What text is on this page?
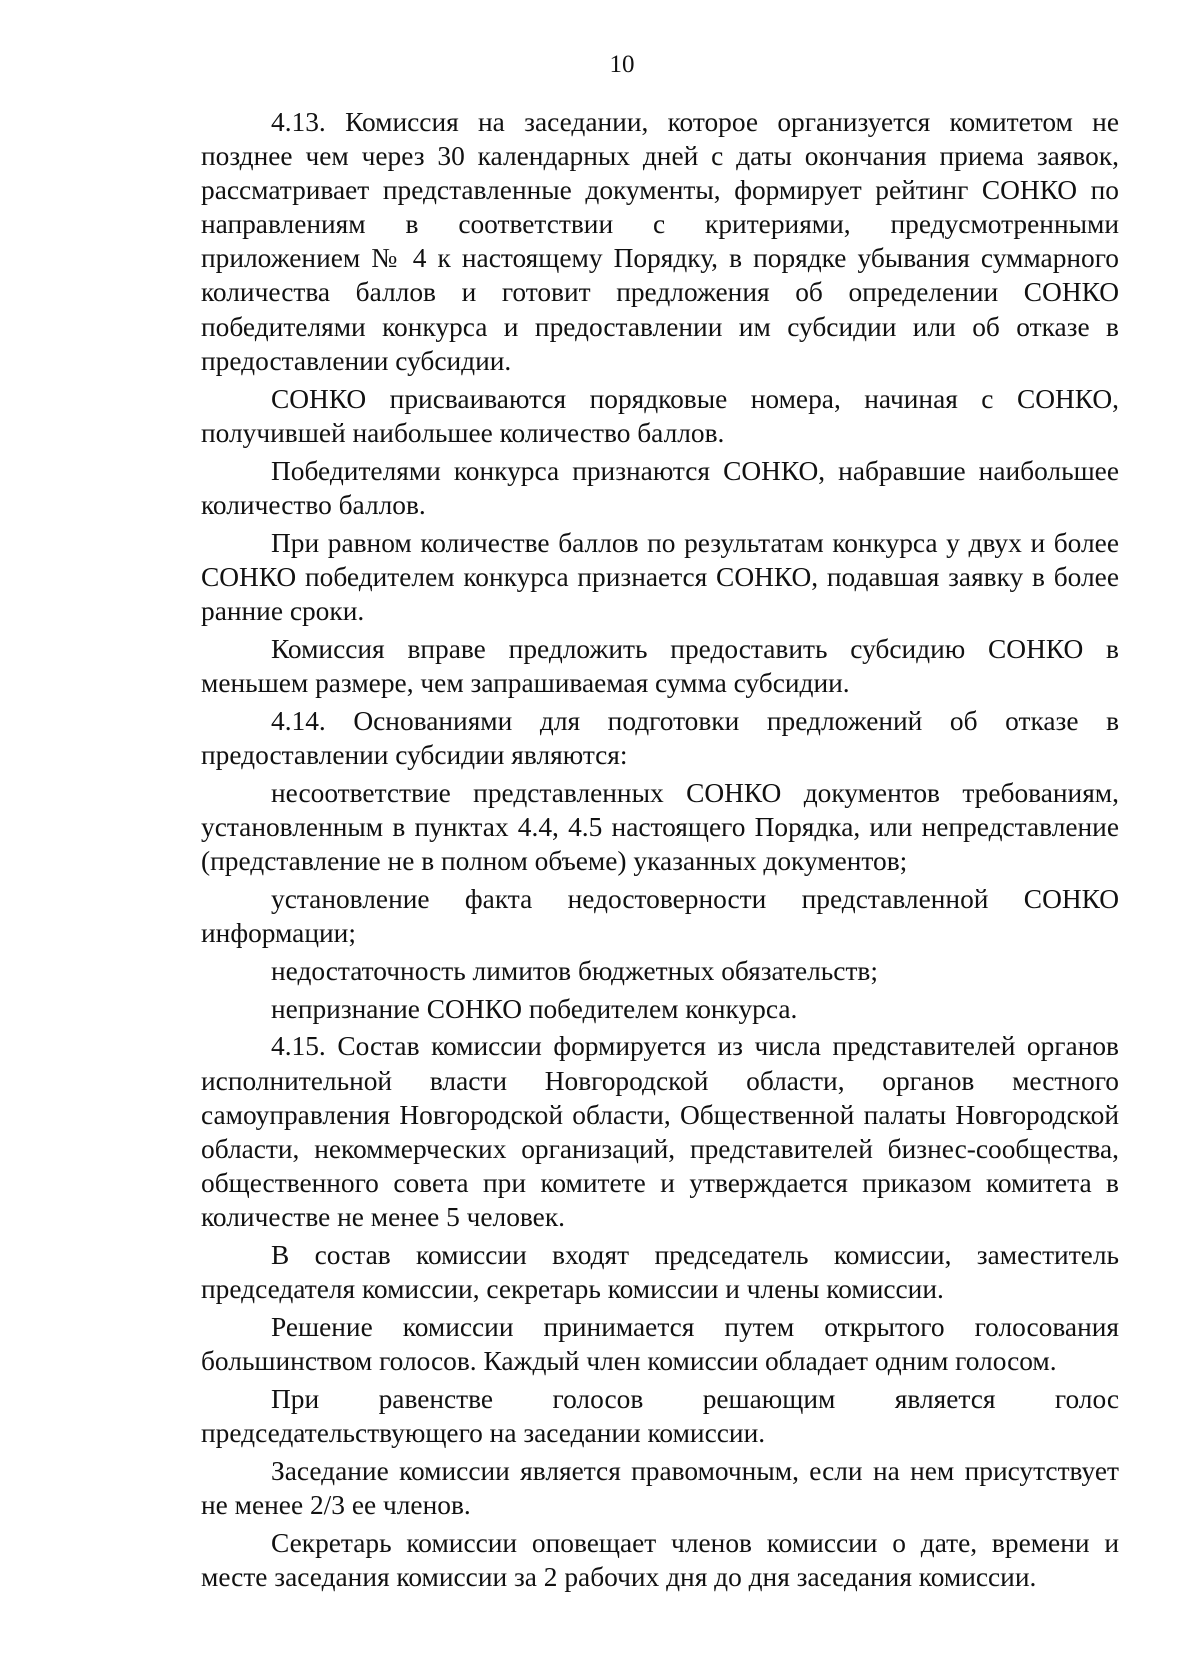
10

4.13. Комиссия на заседании, которое организуется комитетом не позднее чем через 30 календарных дней с даты окончания приема заявок, рассматривает представленные документы, формирует рейтинг СОНКО по направлениям в соответствии с критериями, предусмотренными приложением № 4 к настоящему Порядку, в порядке убывания суммарного количества баллов и готовит предложения об определении СОНКО победителями конкурса и предоставлении им субсидии или об отказе в предоставлении субсидии.

СОНКО присваиваются порядковые номера, начиная с СОНКО, получившей наибольшее количество баллов.

Победителями конкурса признаются СОНКО, набравшие наибольшее количество баллов.

При равном количестве баллов по результатам конкурса у двух и более СОНКО победителем конкурса признается СОНКО, подавшая заявку в более ранние сроки.

Комиссия вправе предложить предоставить субсидию СОНКО в меньшем размере, чем запрашиваемая сумма субсидии.

4.14. Основаниями для подготовки предложений об отказе в предоставлении субсидии являются:

несоответствие представленных СОНКО документов требованиям, установленным в пунктах 4.4, 4.5 настоящего Порядка, или непредставление (представление не в полном объеме) указанных документов;

установление факта недостоверности представленной СОНКО информации;

недостаточность лимитов бюджетных обязательств;

непризнание СОНКО победителем конкурса.

4.15. Состав комиссии формируется из числа представителей органов исполнительной власти Новгородской области, органов местного самоуправления Новгородской области, Общественной палаты Новгородской области, некоммерческих организаций, представителей бизнес-сообщества, общественного совета при комитете и утверждается приказом комитета в количестве не менее 5 человек.

В состав комиссии входят председатель комиссии, заместитель председателя комиссии, секретарь комиссии и члены комиссии.

Решение комиссии принимается путем открытого голосования большинством голосов. Каждый член комиссии обладает одним голосом.

При равенстве голосов решающим является голос председательствующего на заседании комиссии.

Заседание комиссии является правомочным, если на нем присутствует не менее 2/3 ее членов.

Секретарь комиссии оповещает членов комиссии о дате, времени и месте заседания комиссии за 2 рабочих дня до дня заседания комиссии.
